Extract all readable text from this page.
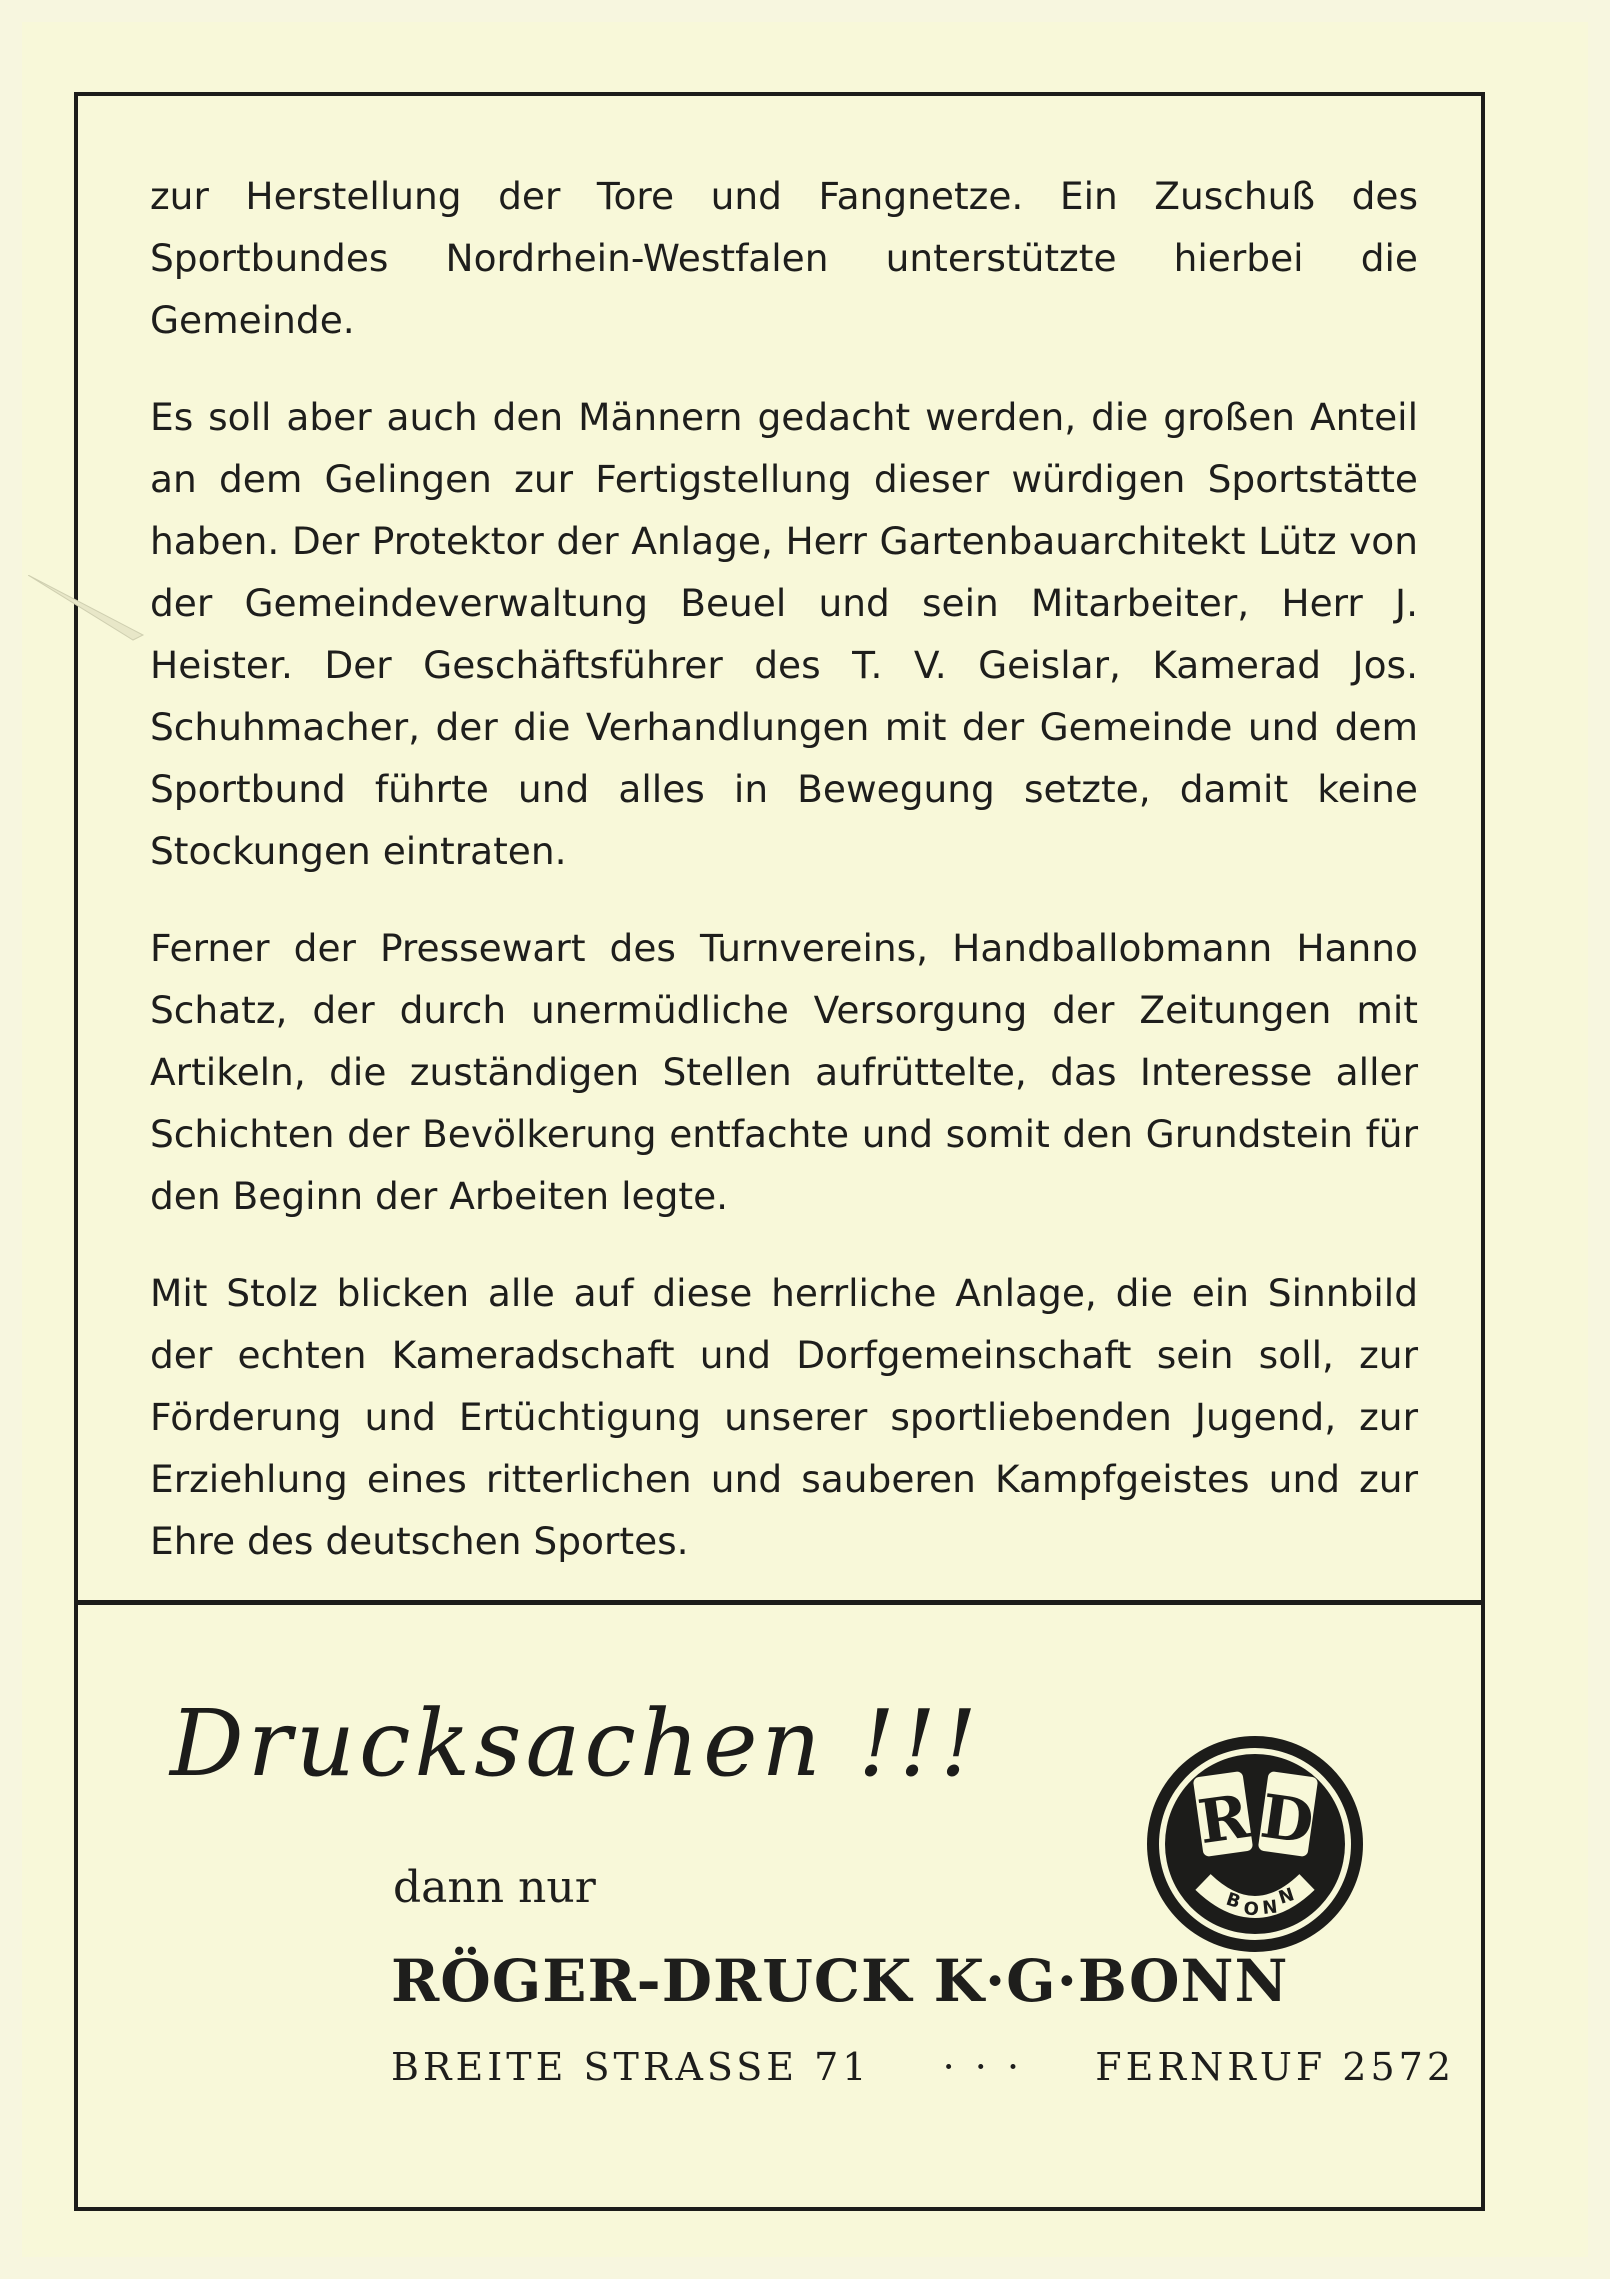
zur Herstellung der Tore und Fangnetze. Ein Zuschuß des Sportbundes Nordrhein-Westfalen unterstützte hierbei die Gemeinde.

Es soll aber auch den Männern gedacht werden, die großen Anteil an dem Gelingen zur Fertigstellung dieser würdigen Sportstätte haben. Der Protektor der Anlage, Herr Gartenbauarchitekt Lütz von der Gemeindeverwaltung Beuel und sein Mitarbeiter, Herr J. Heister. Der Geschäftsführer des T. V. Geislar, Kamerad Jos. Schuhmacher, der die Verhandlungen mit der Gemeinde und dem Sportbund führte und alles in Bewegung setzte, damit keine Stockungen eintraten.

Ferner der Pressewart des Turnvereins, Handballobmann Hanno Schatz, der durch unermüdliche Versorgung der Zeitungen mit Artikeln, die zuständigen Stellen aufrüttelte, das Interesse aller Schichten der Bevölkerung entfachte und somit den Grundstein für den Beginn der Arbeiten legte.

Mit Stolz blicken alle auf diese herrliche Anlage, die ein Sinnbild der echten Kameradschaft und Dorfgemeinschaft sein soll, zur Förderung und Ertüchtigung unserer sportliebenden Jugend, zur Erziehlung eines ritterlichen und sauberen Kampfgeistes und zur Ehre des deutschen Sportes.

Drucksachen !!!
dann nur
RÖGER-DRUCK K·G·BONN
BREITE STRASSE 71 · · · FERNRUF 2572
R D
B O N
N
